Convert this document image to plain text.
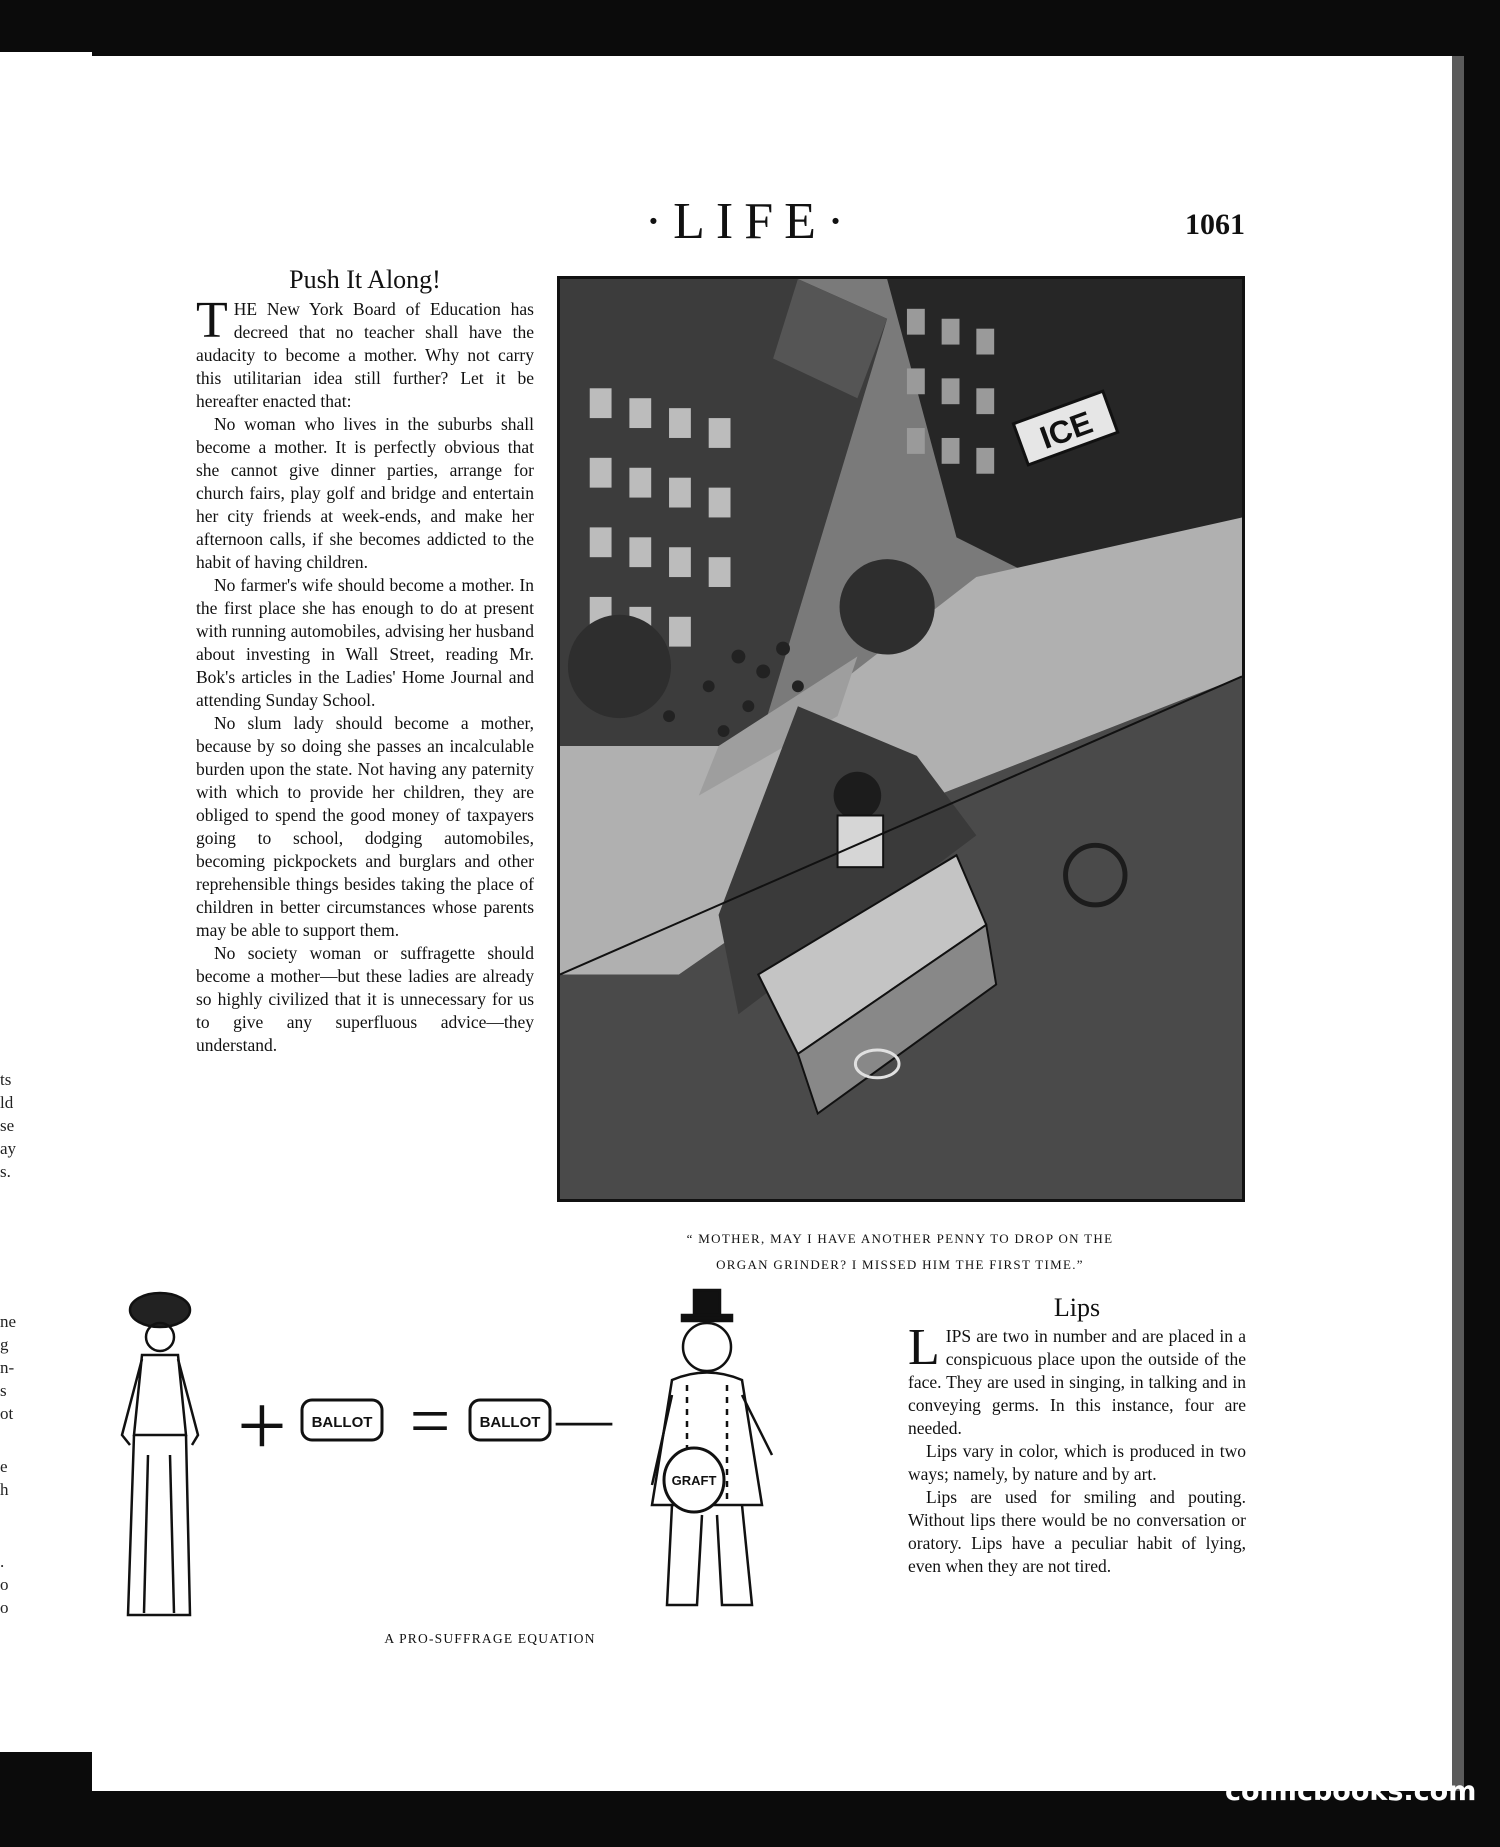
ts
ld
se
ay
s.
ne
g
n-
s
ot
e
h
.
o
o
·LIFE·	1061
Push It Along!

THE New York Board of Education has decreed that no teacher shall have the audacity to become a mother. Why not carry this utilitarian idea still further? Let it be hereafter enacted that:

No woman who lives in the suburbs shall become a mother. It is perfectly obvious that she cannot give dinner parties, arrange for church fairs, play golf and bridge and entertain her city friends at week-ends, and make her afternoon calls, if she becomes addicted to the habit of having children.

No farmer's wife should become a mother. In the first place she has enough to do at present with running automobiles, advising her husband about investing in Wall Street, reading Mr. Bok's articles in the Ladies' Home Journal and attending Sunday School.

No slum lady should become a mother, because by so doing she passes an incalculable burden upon the state. Not having any paternity with which to provide her children, they are obliged to spend the good money of taxpayers going to school, dodging automobiles, becoming pickpockets and burglars and other reprehensible things besides taking the place of children in better circumstances whose parents may be able to support them.

No society woman or suffragette should become a mother—but these ladies are already so highly civilized that it is unnecessary for us to give any superfluous advice—they understand.

ICE
“ MOTHER, MAY I HAVE ANOTHER PENNY TO DROP ON THE
ORGAN GRINDER? I MISSED HIM THE FIRST TIME.”
+ BALLOT = BALLOT —
GRAFT
A PRO-SUFFRAGE EQUATION
Lips

LIPS are two in number and are placed in a conspicuous place upon the outside of the face. They are used in singing, in talking and in conveying germs. In this instance, four are needed.

Lips vary in color, which is produced in two ways; namely, by nature and by art.

Lips are used for smiling and pouting. Without lips there would be no conversation or oratory. Lips have a peculiar habit of lying, even when they are not tired.

comicbooks.com
